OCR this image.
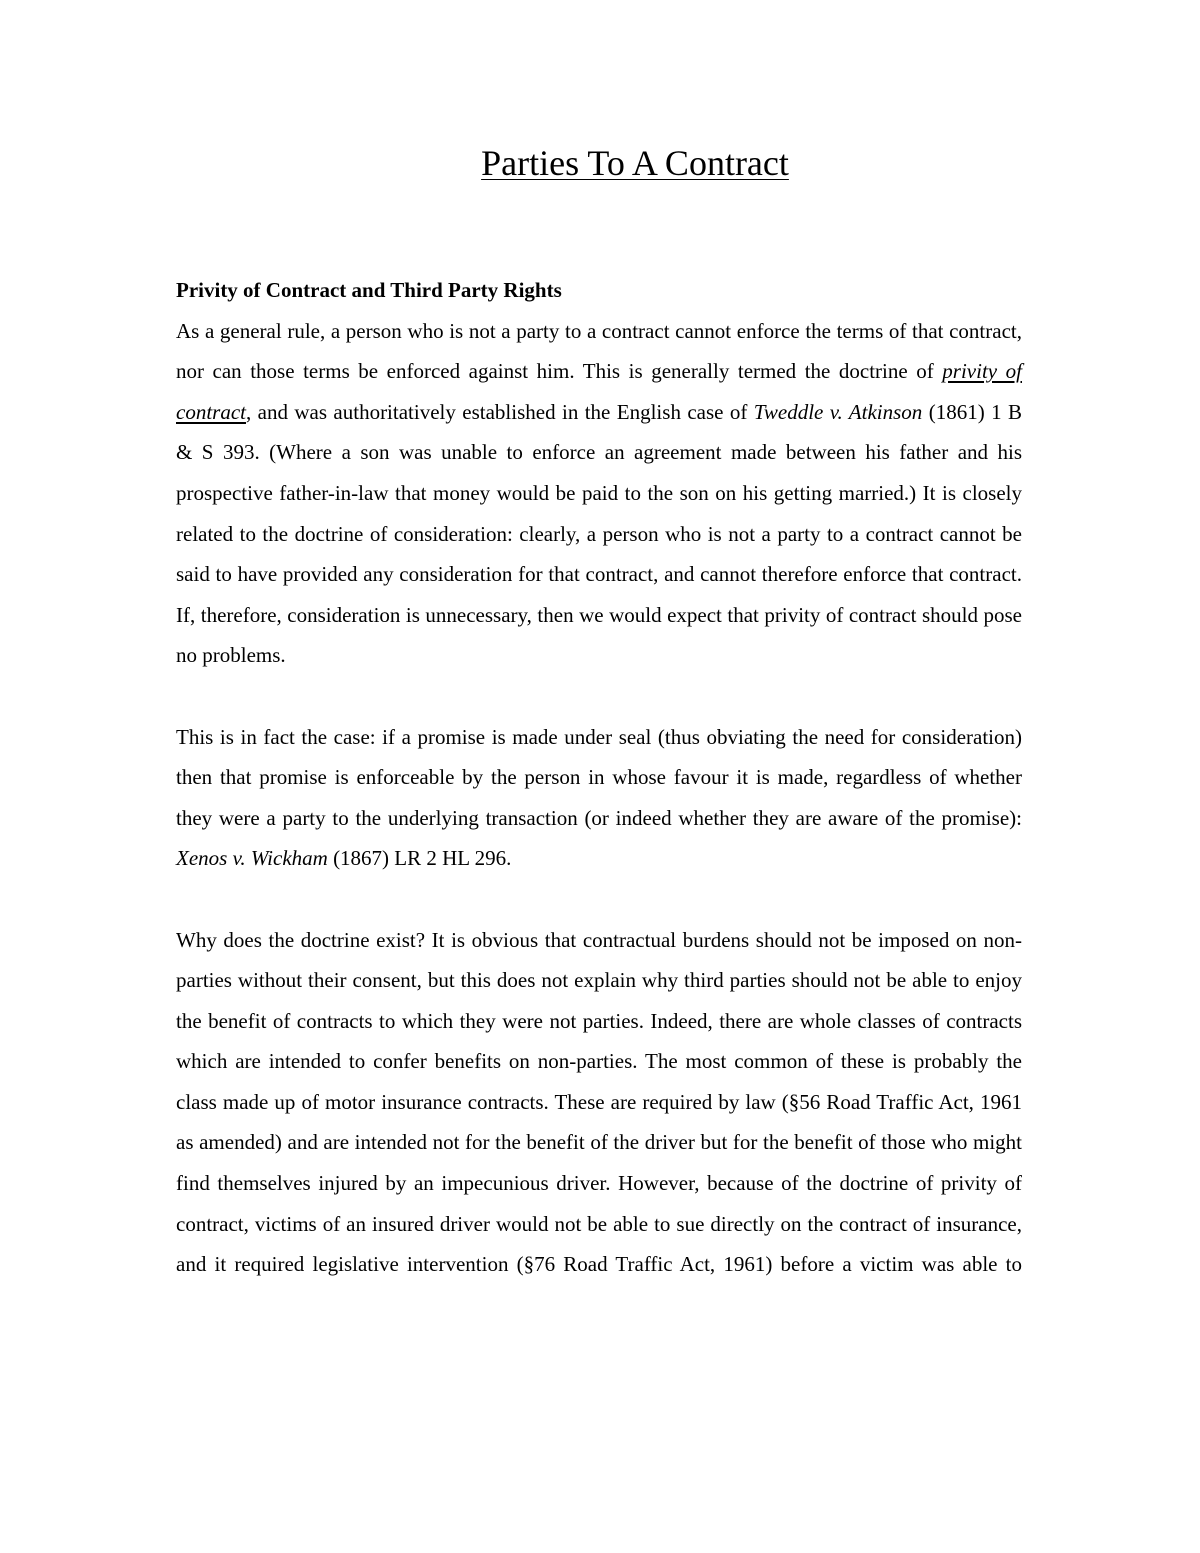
Parties To A Contract

Privity of Contract and Third Party Rights

As a general rule, a person who is not a party to a contract cannot enforce the terms of that contract, nor can those terms be enforced against him. This is generally termed the doctrine of privity of contract, and was authoritatively established in the English case of Tweddle v. Atkinson (1861) 1 B & S 393. (Where a son was unable to enforce an agreement made between his father and his prospective father-in-law that money would be paid to the son on his getting married.) It is closely related to the doctrine of consideration: clearly, a person who is not a party to a contract cannot be said to have provided any consideration for that contract, and cannot therefore enforce that contract. If, therefore, consideration is unnecessary, then we would expect that privity of contract should pose no problems.

This is in fact the case: if a promise is made under seal (thus obviating the need for consideration) then that promise is enforceable by the person in whose favour it is made, regardless of whether they were a party to the underlying transaction (or indeed whether they are aware of the promise): Xenos v. Wickham (1867) LR 2 HL 296.

Why does the doctrine exist? It is obvious that contractual burdens should not be imposed on non-parties without their consent, but this does not explain why third parties should not be able to enjoy the benefit of contracts to which they were not parties. Indeed, there are whole classes of contracts which are intended to confer benefits on non-parties. The most common of these is probably the class made up of motor insurance contracts. These are required by law (§56 Road Traffic Act, 1961 as amended) and are intended not for the benefit of the driver but for the benefit of those who might find themselves injured by an impecunious driver. However, because of the doctrine of privity of contract, victims of an insured driver would not be able to sue directly on the contract of insurance, and it required legislative intervention (§76 Road Traffic Act, 1961) before a victim was able to
